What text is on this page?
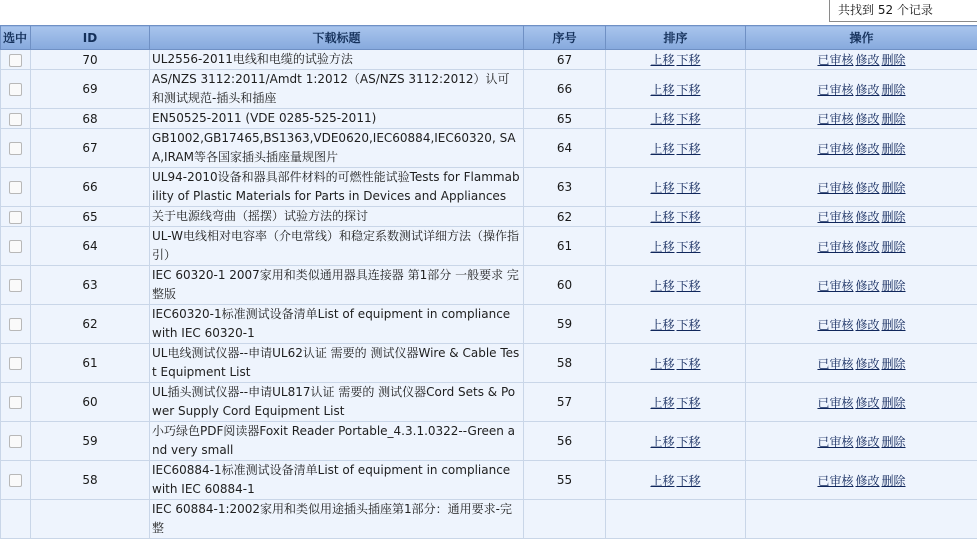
共找到 52 个记录
选中	ID	下载标题	序号	排序	操作
	70	UL2556-2011电线和电缆的试验方法	67	上移 下移	已审核 修改 删除
	69	AS/NZS 3112:2011/Amdt 1:2012（AS/NZS 3112:2012）认可和测试规范-插头和插座	66	上移 下移	已审核 修改 删除
	68	EN50525-2011 (VDE 0285-525-2011)	65	上移 下移	已审核 修改 删除
	67	GB1002,GB17465,BS1363,VDE0620,IEC60884,IEC60320, SAA,IRAM等各国家插头插座量规图片	64	上移 下移	已审核 修改 删除
	66	UL94-2010设备和器具部件材料的可燃性能试验Tests for Flammability of Plastic Materials for Parts in Devices and Appliances	63	上移 下移	已审核 修改 删除
	65	关于电源线弯曲（摇摆）试验方法的探讨	62	上移 下移	已审核 修改 删除
	64	UL-W电线相对电容率（介电常线）和稳定系数测试详细方法（操作指引）	61	上移 下移	已审核 修改 删除
	63	IEC 60320-1 2007家用和类似通用器具连接器 第1部分 一般要求 完整版	60	上移 下移	已审核 修改 删除
	62	IEC60320-1标准测试设备清单List of equipment in compliance with IEC 60320-1	59	上移 下移	已审核 修改 删除
	61	UL电线测试仪器--申请UL62认证 需要的 测试仪器Wire & Cable Test Equipment List	58	上移 下移	已审核 修改 删除
	60	UL插头测试仪器--申请UL817认证 需要的 测试仪器Cord Sets & Power Supply Cord Equipment List	57	上移 下移	已审核 修改 删除
	59	小巧绿色PDF阅读器Foxit Reader Portable_4.3.1.0322--Green and very small	56	上移 下移	已审核 修改 删除
	58	IEC60884-1标准测试设备清单List of equipment in compliance with IEC 60884-1	55	上移 下移	已审核 修改 删除

		IEC 60884-1:2002家用和类似用途插头插座第1部分：通用要求-完整			
